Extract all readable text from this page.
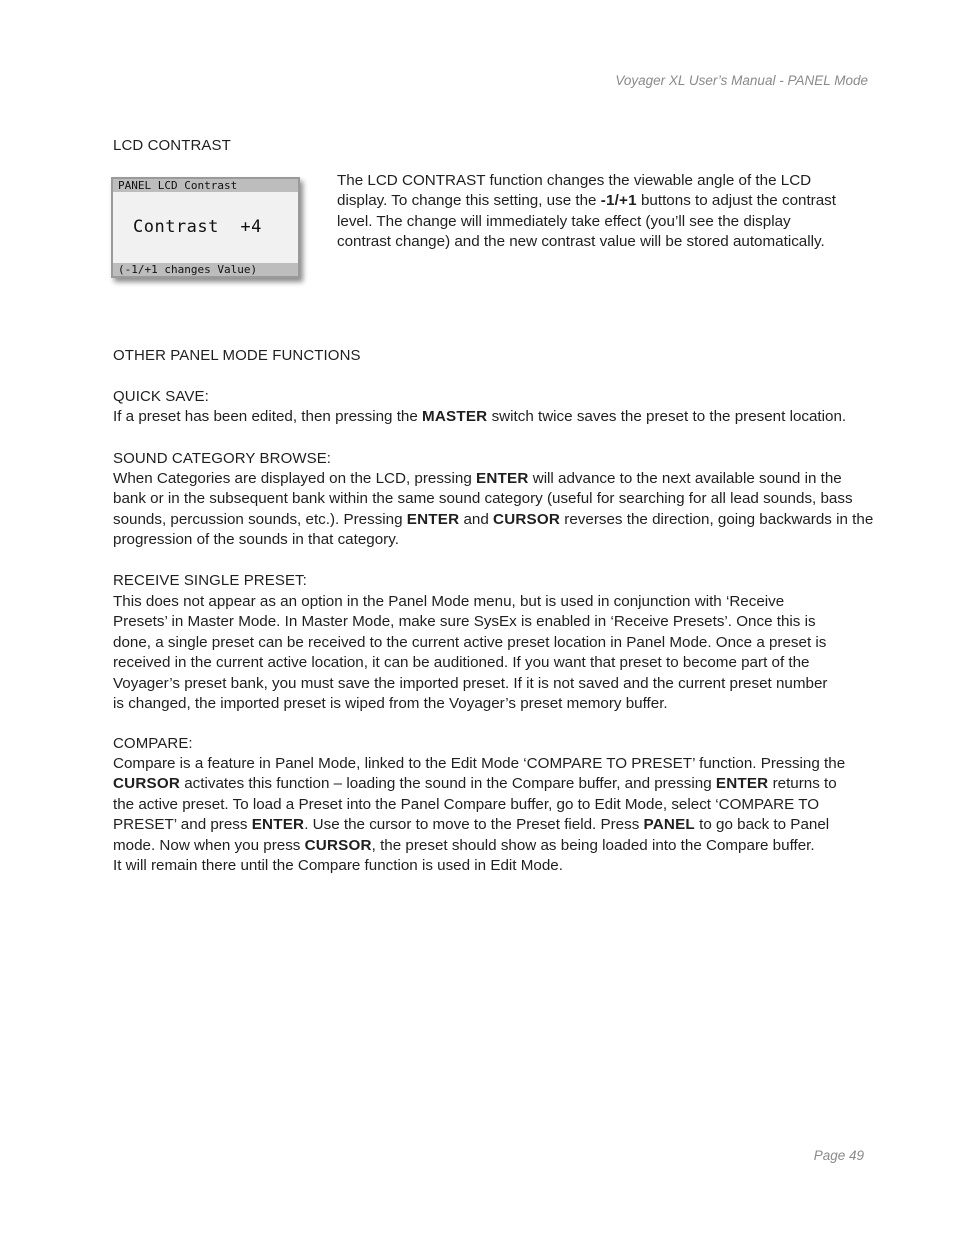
Voyager XL User’s Manual - PANEL Mode
LCD CONTRAST
PANEL LCD Contrast
Contrast  +4
(-1/+1 changes Value)

The LCD CONTRAST function changes the viewable angle of the LCD
display. To change this setting, use the -1/+1 buttons to adjust the contrast
level. The change will immediately take effect (you’ll see the display
contrast change) and the new contrast value will be stored automatically.

OTHER PANEL MODE FUNCTIONS
QUICK SAVE:

If a preset has been edited, then pressing the MASTER switch twice saves the preset to the present location.

SOUND CATEGORY BROWSE:

When Categories are displayed on the LCD, pressing ENTER will advance to the next available sound in the
bank or in the subsequent bank within the same sound category (useful for searching for all lead sounds, bass
sounds, percussion sounds, etc.). Pressing ENTER and CURSOR reverses the direction, going backwards in the
progression of the sounds in that category.

RECEIVE SINGLE PRESET:

This does not appear as an option in the Panel Mode menu, but is used in conjunction with ‘Receive
Presets’ in Master Mode. In Master Mode, make sure SysEx is enabled in ‘Receive Presets’. Once this is
done, a single preset can be received to the current active preset location in Panel Mode. Once a preset is
received in the current active location, it can be auditioned. If you want that preset to become part of the
Voyager’s preset bank, you must save the imported preset. If it is not saved and the current preset number
is changed, the imported preset is wiped from the Voyager’s preset memory buffer.

COMPARE:

Compare is a feature in Panel Mode, linked to the Edit Mode ‘COMPARE TO PRESET’ function. Pressing the
CURSOR activates this function – loading the sound in the Compare buffer, and pressing ENTER returns to
the active preset. To load a Preset into the Panel Compare buffer, go to Edit Mode, select ‘COMPARE TO
PRESET’ and press ENTER. Use the cursor to move to the Preset field. Press PANEL to go back to Panel
mode. Now when you press CURSOR, the preset should show as being loaded into the Compare buffer.
It will remain there until the Compare function is used in Edit Mode.

Page 49
